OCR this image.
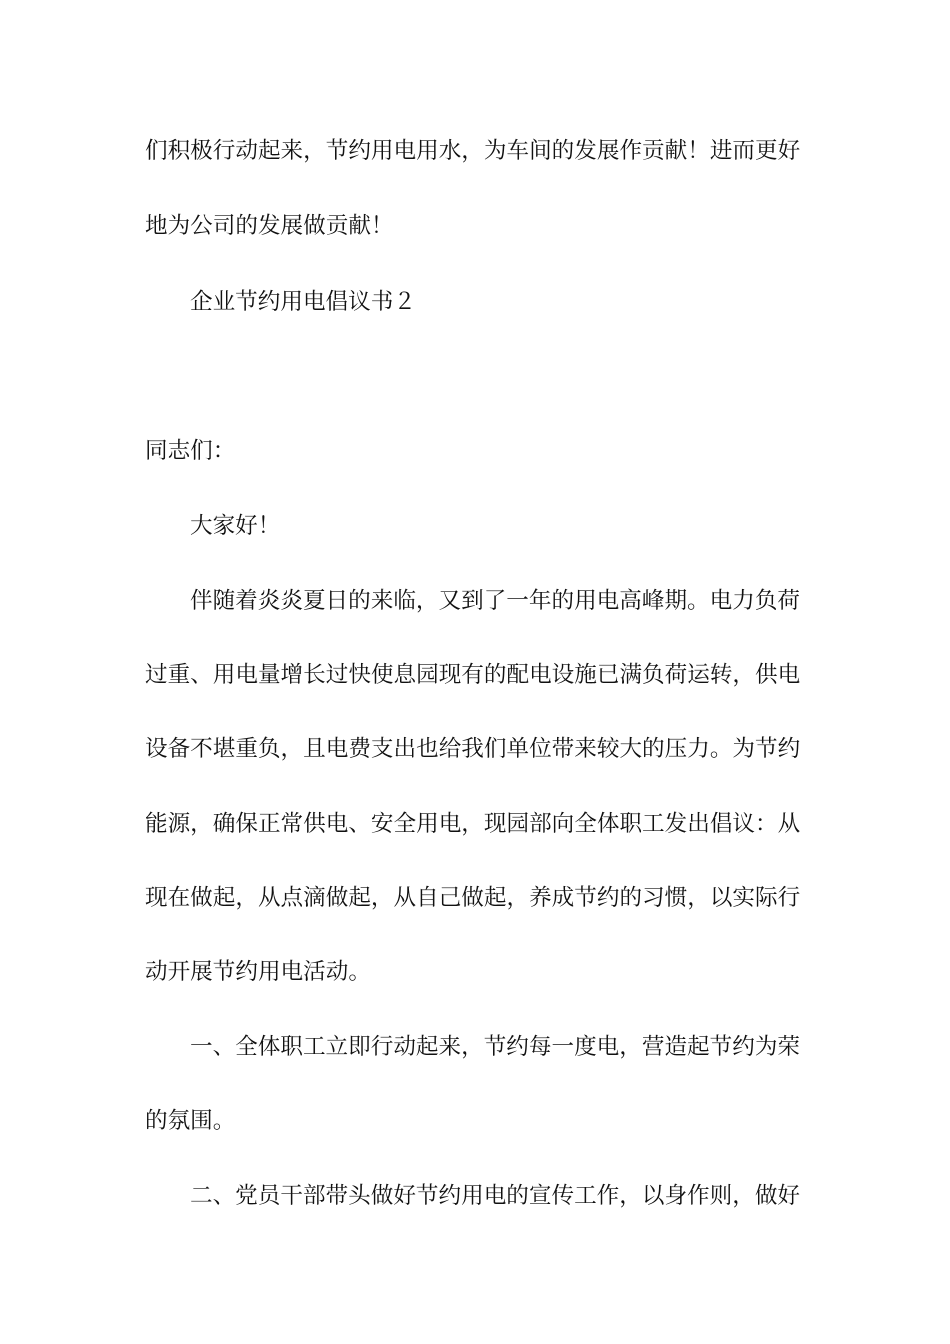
们积极行动起来，节约用电用水，为车间的发展作贡献！进而更好
地为公司的发展做贡献！
企业节约用电倡议书２
同志们：
大家好！
伴随着炎炎夏日的来临，又到了一年的用电高峰期。电力负荷
过重、用电量增长过快使息园现有的配电设施已满负荷运转，供电
设备不堪重负，且电费支出也给我们单位带来较大的压力。为节约
能源，确保正常供电、安全用电，现园部向全体职工发出倡议：从
现在做起，从点滴做起，从自己做起，养成节约的习惯，以实际行
动开展节约用电活动。
一、全体职工立即行动起来，节约每一度电，营造起节约为荣
的氛围。
二、党员干部带头做好节约用电的宣传工作，以身作则，做好
